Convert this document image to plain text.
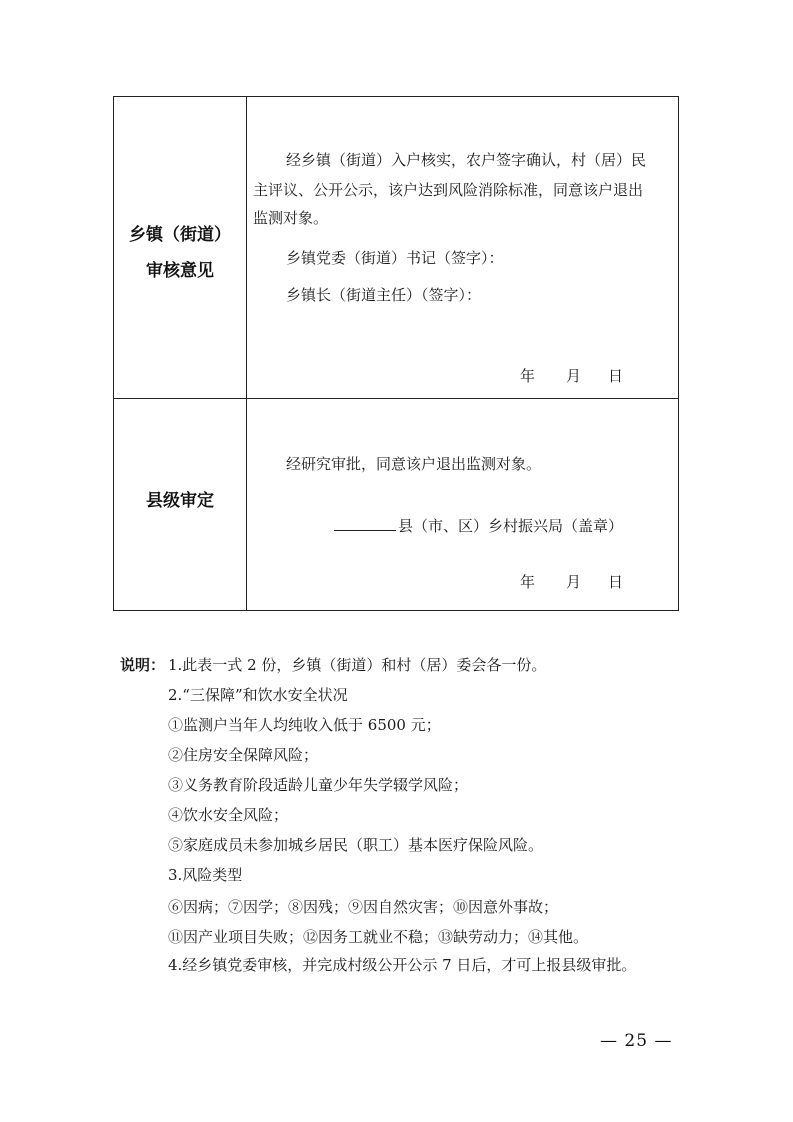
乡镇（街道）
审核意见
经乡镇（街道）入户核实，农户签字确认，村（居）民
主评议、公开公示，该户达到风险消除标准，同意该户退出
监测对象。
乡镇党委（街道）书记（签字）：
乡镇长（街道主任）（签字）：
年 月 日
县级审定
经研究审批，同意该户退出监测对象。
县（市、区）乡村振兴局（盖章）
年 月 日
说明： 1.此表一式 2 份，乡镇（街道）和村（居）委会各一份。
2.“三保障”和饮水安全状况
①监测户当年人均纯收入低于 6500 元；
②住房安全保障风险；
③义务教育阶段适龄儿童少年失学辍学风险；
④饮水安全风险；
⑤家庭成员未参加城乡居民（职工）基本医疗保险风险。
3.风险类型
⑥因病；⑦因学；⑧因残；⑨因自然灾害；⑩因意外事故；
⑪因产业项目失败；⑫因务工就业不稳；⑬缺劳动力；⑭其他。
4.经乡镇党委审核，并完成村级公开公示 7 日后，才可上报县级审批。
— 25 —
